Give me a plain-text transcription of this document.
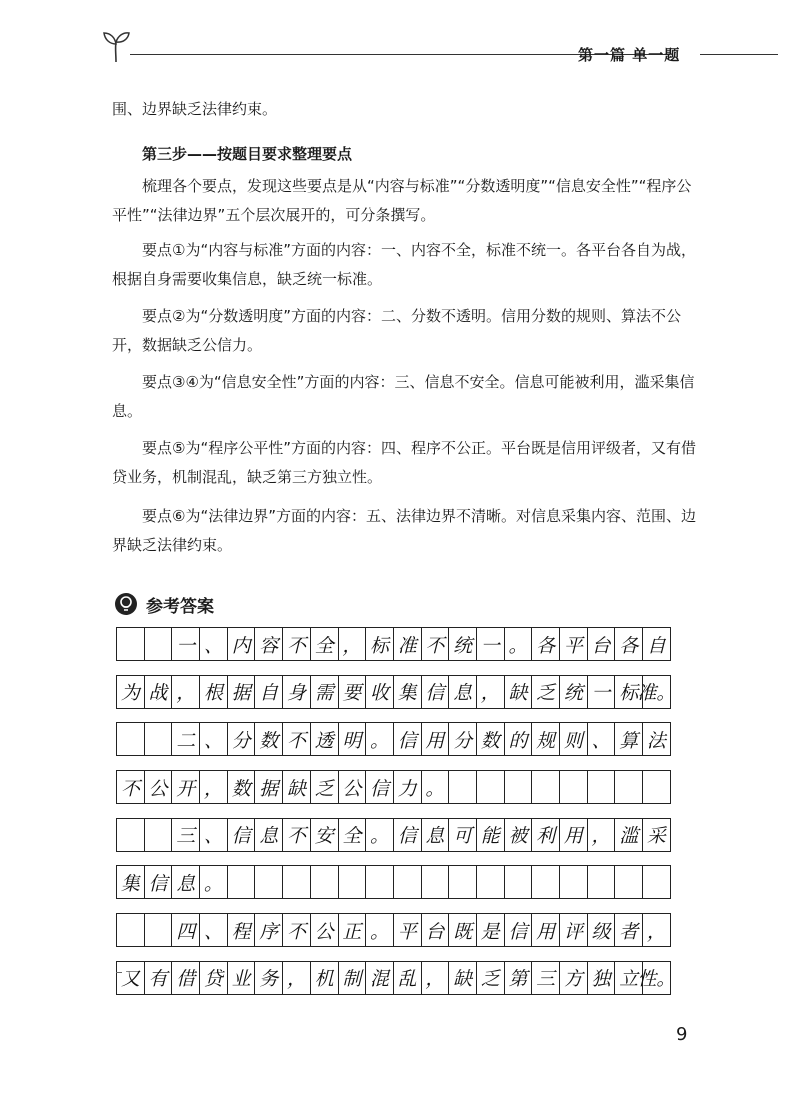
第一篇 单一题

围、边界缺乏法律约束。

第三步——按题目要求整理要点

梳理各个要点，发现这些要点是从“内容与标准”“分数透明度”“信息安全性”“程序公平性”“法律边界”五个层次展开的，可分条撰写。

要点①为“内容与标准”方面的内容：一、内容不全，标准不统一。各平台各自为战，根据自身需要收集信息，缺乏统一标准。

要点②为“分数透明度”方面的内容：二、分数不透明。信用分数的规则、算法不公开，数据缺乏公信力。

要点③④为“信息安全性”方面的内容：三、信息不安全。信息可能被利用，滥采集信息。

要点⑤为“程序公平性”方面的内容：四、程序不公正。平台既是信用评级者，又有借贷业务，机制混乱，缺乏第三方独立性。

要点⑥为“法律边界”方面的内容：五、法律边界不清晰。对信息采集内容、范围、边界缺乏法律约束。

参考答案
一 、 内 容 不 全 ， 标 准 不 统 一 。 各 平 台 各 自
为 战 ， 根 据 自 身 需 要 收 集 信 息 ， 缺 乏 统 一 标 准。
二 、 分 数 不 透 明 。 信 用 分 数 的 规 则 、 算 法
不 公 开 ， 数 据 缺 乏 公 信 力 。
三 、 信 息 不 安 全 。 信 息 可 能 被 利 用 ， 滥 采
集 信 息 。
四 、 程 序 不 公 正 。 平 台 既 是 信 用 评 级 者 ，
又 有 借 贷 业 务 ， 机 制 混 乱 ， 缺 乏 第 三 方 独 立 性。
9
